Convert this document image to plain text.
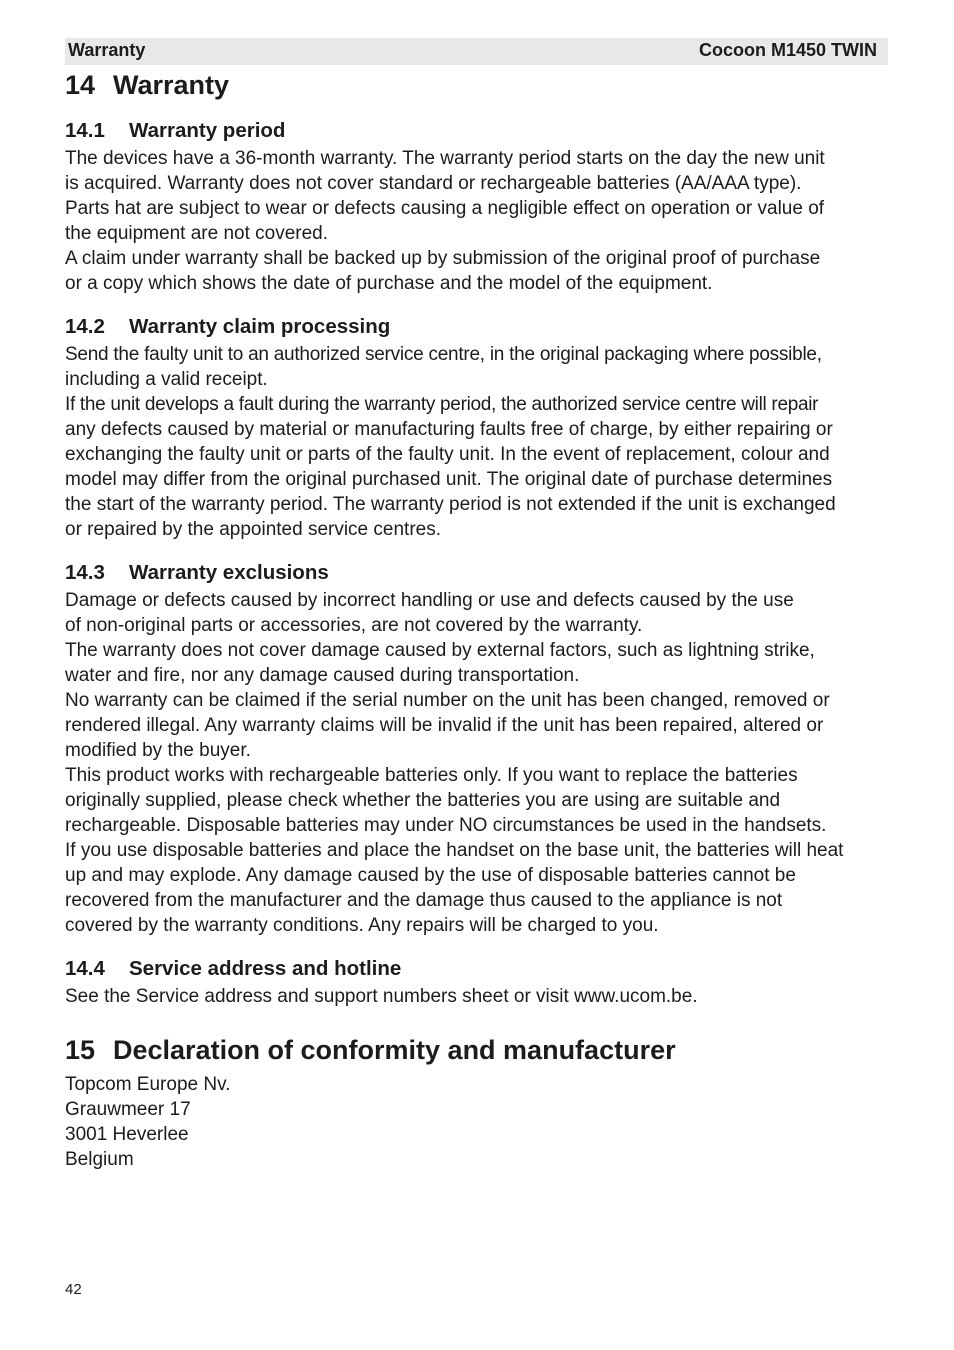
Warranty	Cocoon M1450 TWIN
14 Warranty
14.1 Warranty period

The devices have a 36-month warranty. The warranty period starts on the day the new unit

is acquired. Warranty does not cover standard or rechargeable batteries (AA/AAA type).

Parts hat are subject to wear or defects causing a negligible effect on operation or value of

the equipment are not covered.

A claim under warranty shall be backed up by submission of the original proof of purchase

or a copy which shows the date of purchase and the model of the equipment.

14.2 Warranty claim processing

Send the faulty unit to an authorized service centre, in the original packaging where possible,

including a valid receipt.

If the unit develops a fault during the warranty period, the authorized service centre will repair

any defects caused by material or manufacturing faults free of charge, by either repairing or

exchanging the faulty unit or parts of the faulty unit. In the event of replacement, colour and

model may differ from the original purchased unit. The original date of purchase determines

the start of the warranty period. The warranty period is not extended if the unit is exchanged

or repaired by the appointed service centres.

14.3 Warranty exclusions

Damage or defects caused by incorrect handling or use and defects caused by the use

of non-original parts or accessories, are not covered by the warranty.

The warranty does not cover damage caused by external factors, such as lightning strike,

water and fire, nor any damage caused during transportation.

No warranty can be claimed if the serial number on the unit has been changed, removed or

rendered illegal. Any warranty claims will be invalid if the unit has been repaired, altered or

modified by the buyer.

This product works with rechargeable batteries only. If you want to replace the batteries

originally supplied, please check whether the batteries you are using are suitable and

rechargeable. Disposable batteries may under NO circumstances be used in the handsets.

If you use disposable batteries and place the handset on the base unit, the batteries will heat

up and may explode. Any damage caused by the use of disposable batteries cannot be

recovered from the manufacturer and the damage thus caused to the appliance is not

covered by the warranty conditions. Any repairs will be charged to you.

14.4 Service address and hotline

See the Service address and support numbers sheet or visit www.ucom.be.

15 Declaration of conformity and manufacturer

Topcom Europe Nv.

Grauwmeer 17

3001 Heverlee

Belgium

42
